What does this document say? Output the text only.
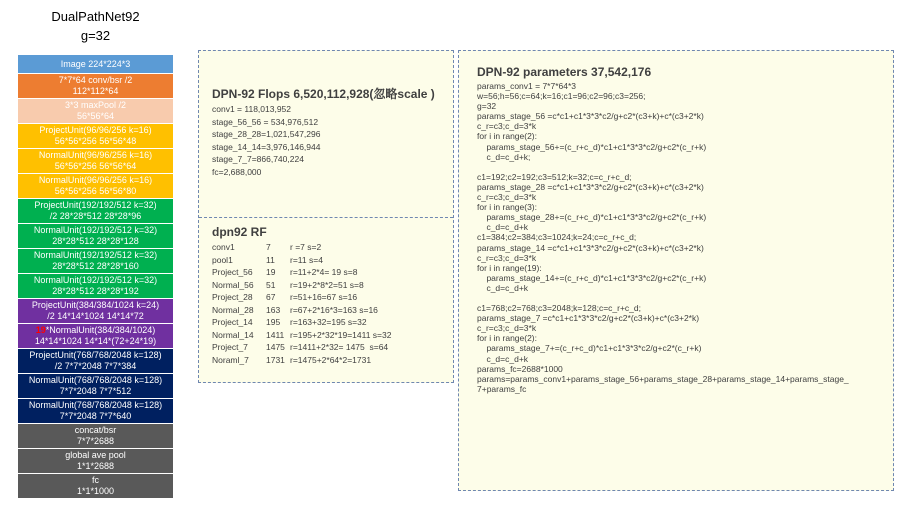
DualPathNet92
g=32
Image 224*224*3
7*7*64 conv/bsr /2
112*112*64
3*3 maxPool /2
56*56*64
ProjectUnit(96/96/256 k=16)
56*56*256 56*56*48
NormalUnit(96/96/256 k=16)
56*56*256 56*56*64
NormalUnit(96/96/256 k=16)
56*56*256 56*56*80
ProjectUnit(192/192/512 k=32)
/2 28*28*512 28*28*96
NormalUnit(192/192/512 k=32)
28*28*512 28*28*128
NormalUnit(192/192/512 k=32)
28*28*512 28*28*160
NormalUnit(192/192/512 k=32)
28*28*512 28*28*192
ProjectUnit(384/384/1024 k=24)
/2 14*14*1024 14*14*72
19*NormalUnit(384/384/1024)
14*14*1024 14*14*(72+24*19)
ProjectUnit(768/768/2048 k=128)
/2 7*7*2048 7*7*384
NormalUnit(768/768/2048 k=128)
7*7*2048 7*7*512
NormalUnit(768/768/2048 k=128)
7*7*2048 7*7*640
concat/bsr
7*7*2688
global ave pool
1*1*2688
fc
1*1*1000
DPN-92 Flops 6,520,112,928(忽略scale )
conv1 = 118,013,952
stage_56_56 = 534,976,512
stage_28_28=1,021,547,296
stage_14_14=3,976,146,944
stage_7_7=866,740,224
fc=2,688,000
dpn92 RF
conv1	7 r =7 s=2
pool1	11 r=11 s=4
Project_56 19 r=11+2*4= 19 s=8
Normal_56 51 r=19+2*8*2=51 s=8
Project_28 67 r=51+16=67 s=16
Normal_28 163 r=67+2*16*3=163 s=16
Project_14 195 r=163+32=195 s=32
Normal_14 1411 r=195+2*32*19=1411 s=32
Project_7 1475 r=1411+2*32= 1475  s=64
Noraml_7 1731 r=1475+2*64*2=1731
DPN-92 parameters 37,542,176
params_conv1 = 7*7*64*3
w=56;h=56;c=64;k=16;c1=96;c2=96;c3=256;
g=32
params_stage_56 =c*c1+c1*3*3*c2/g+c2*(c3+k)+c*(c3+2*k)
c_r=c3;c_d=3*k
for i in range(2):
params_stage_56+=(c_r+c_d)*c1+c1*3*3*c2/g+c2*(c_r+k)
c_d=c_d+k;
c1=192;c2=192;c3=512;k=32;c=c_r+c_d;
params_stage_28 =c*c1+c1*3*3*c2/g+c2*(c3+k)+c*(c3+2*k)
c_r=c3;c_d=3*k
for i in range(3):
params_stage_28+=(c_r+c_d)*c1+c1*3*3*c2/g+c2*(c_r+k)
c_d=c_d+k
c1=384;c2=384;c3=1024;k=24;c=c_r+c_d;
params_stage_14 =c*c1+c1*3*3*c2/g+c2*(c3+k)+c*(c3+2*k)
c_r=c3;c_d=3*k
for i in range(19):
params_stage_14+=(c_r+c_d)*c1+c1*3*3*c2/g+c2*(c_r+k)
c_d=c_d+k
c1=768;c2=768;c3=2048;k=128;c=c_r+c_d;
params_stage_7 =c*c1+c1*3*3*c2/g+c2*(c3+k)+c*(c3+2*k)
c_r=c3;c_d=3*k
for i in range(2):
params_stage_7+=(c_r+c_d)*c1+c1*3*3*c2/g+c2*(c_r+k)
c_d=c_d+k
params_fc=2688*1000
params=params_conv1+params_stage_56+params_stage_28+params_stage_14+params_stage_
7+params_fc
